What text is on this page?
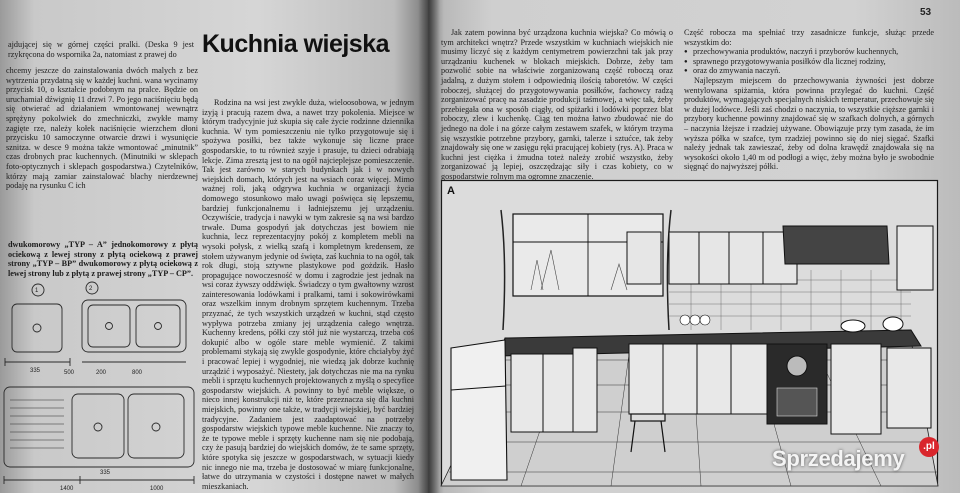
ajdującej się w górnej części pralki. (Deska 9 jest rzykręcona do wspornika 2a, natomiast z prawej do

chcemy jeszcze do zainstalowania dwóch malych z bez wytrzenia przydatną się w każdej kuchni. wana wycinamy przycisk 10, o kształcie podobnym na pralce. Będzie on uruchamiał dźwignię 11 drzwi 7. Po jego naciśnięciu będą się otwierać ad działaniem wmontowanej wewnątrz sprężyny pokolwiek do zmechniczki, zwykłe mamy zagięte rze, należy kołek naciśnięcie wierzchem dłoni przycisku 10 samoczynne otwarcie drzwi i wysunięcie sznitza. w desce 9 można także wmontować „minutnik” czas drobnych prac kuchennych. (Minutniki w sklepach foto-optycznych i sklepach gospodarstwa.) Czytelników, którzy mają zamiar zainstalować blachy nierdzewnej podaję na rysunku C ich

dwukomorowy „TYP – A” jednokomorowy z płytą ociekową z lewej strony z płytą ociekową z prawej strony „TYP – BP” dwukomorowy z płytą ociekową z lewej strony lub z płytą z prawej strony „TYP – CP”.
1	2
335	500	200	800
1400
335
1000
Kuchnia wiejska

Rodzina na wsi jest zwykle duża, wieloosobowa, w jednym izyją i pracują razem dwa, a nawet trzy pokolenia. Miejsce w którym tradycyjnie już skupia się całe życie rodzinne dziennika kuchnia. W tym pomieszczeniu nie tylko przygotowuje się i spożywa posiłki, bez także wykonuje się liczne prace gospodarskie, to tu również szyje i prasuje, tu dzieci odrabiają lekcje. Zima zresztą jest to na ogół najcieplejsze pomieszczenie. Tak jest zarówno w starych budynkach jak i w nowych wiejskich domach, których jest na wsiach coraz więcej. Mimo ważnej roli, jaką odgrywa kuchnia w organizacji życia domowego stosunkowo mało uwagi poświęca się lepszemu, bardziej funkcjonalnemu i ładniejszemu jej urządzeniu. Oczywiście, tradycja i nawyki w tym zakresie są na wsi bardzo trwałe. Duma gospodyń jak dotychczas jest bowiem nie kuchnia, lecz reprezentacyjny pokój z kompletem mebli na wysoki połysk, z wielką szafą i kompletnym kredensem, ze stołem używanym jedynie od święta, zaś kuchnia to na ogół, tak rok długi, stoją sztywne plastykowe pod gożdzik. Hasło propagujące nowoczesność w domu i zagrodzie jest jednak na wsi coraz żywszy oddźwięk. Świadczy o tym gwałtowny wzrost zainteresowania lodówkami i pralkami, tami i sokowirówkami oraz wszelkim innym drobnym sprzętem kuchennym. Trzeba przyznać, że tych wszystkich urządzeń w kuchni, stąd często wypływa potrzeba zmiany jej urządzenia całego wnętrza. Kuchenny kredens, półki czy stół już nie wystarczą, trzeba coś dokupić albo w ogóle stare meble wymienić. Z takimi problemami stykają się zwykle gospodynie, które chciałyby żyć i pracować lepiej i wygodniej, nie wiedzą jak dobrze kuchnię urządzić i wyposażyć. Niestety, jak dotychczas nie ma na rynku mebli i sprzętu kuchennych projektowanych z myślą o specyfice gospodarstw wiejskich. A powinny to być meble większe, o nieco innej konstrukcji niż te, które przeznacza się dla kuchni miejskich, powinny one także, w tradycji wiejskiej, być bardziej tradycyjne. Zadaniem jest zaadaptować na potrzeby gospodarstw wiejskich typowe meble kuchenne. Nie znaczy to, że te typowe meble i sprzęty kuchenne nam się nie podobają, czy że pasują bardziej do wiejskich domów, że te same sprzęty, które spotyka się jeszcze w gospodarstwach, w sytuacji kiedy nic innego nie ma, trzeba je dostosować w miarę funkcjonalne, łatwe do utrzymania w czystości i dostępne nawet w małych mieszkaniach.

53

Jak zatem powinna być urządzona kuchnia wiejska? Co mówią o tym architekci wnętrz? Przede wszystkim w kuchniach wiejskich nie musimy liczyć się z każdym centymetrem powierzchni tak jak przy urządzaniu kuchenek w blokach miejskich. Dobrze, żeby tam pozwolić sobie na właściwie zorganizowaną część roboczą oraz jadalną, z dużym stołem i odpowiednią ilością taboretów. W części roboczej, służącej do przygotowywania posiłków, fachowcy radzą zorganizować pracę na zasadzie produkcji taśmowej, a więc tak, żeby przebiegała ona w sposób ciągły, od spiżarki i lodówki poprzez blat roboczy, zlew i kuchenkę. Ciąg ten można łatwo zbudować nie do jednego na dole i na górze całym zestawem szafek, w którym trzyma się wszystkie potrzebne przybory, garnki, talerze i sztućce, tak żeby znajdowały się one w zasięgu ręki pracującej kobiety (rys. A). Praca w kuchni jest ciężka i żmudna toteż należy zrobić wszystko, żeby zorganizować ją lepiej, oszczędzając siły i czas kobiety, co w gospodarstwie rolnym ma ogromne znaczenie.

Część robocza ma spełniać trzy zasadnicze funkcje, służąc przede wszystkim do:

● przechowywania produktów, naczyń i przyborów kuchennych,
● sprawnego przygotowywania posiłków dla licznej rodziny,
● oraz do zmywania naczyń.

Najlepszym miejscem do przechowywania żywności jest dobrze wentylowana spiżarnia, która powinna przylegać do kuchni. Część produktów, wymagających specjalnych niskich temperatur, przechowuje się w dużej lodówce. Jeśli zaś chodzi o naczynia, to wszystkie cięższe garnki i przybory kuchenne powinny znajdować się w szafkach dolnych, a górnych – naczynia lżejsze i rzadziej używane. Obowiązuje przy tym zasada, że im wyższa półka w szafce, tym rzadziej powinno się do niej sięgać. Szafki należy jednak tak zawieszać, żeby od dolna krawędź znajdowała się na wysokości około 1,40 m od podłogi a więc, żeby można było je swobodnie sięgnąć do najwyższej półki.

A
Sprzedajemy	.pl
